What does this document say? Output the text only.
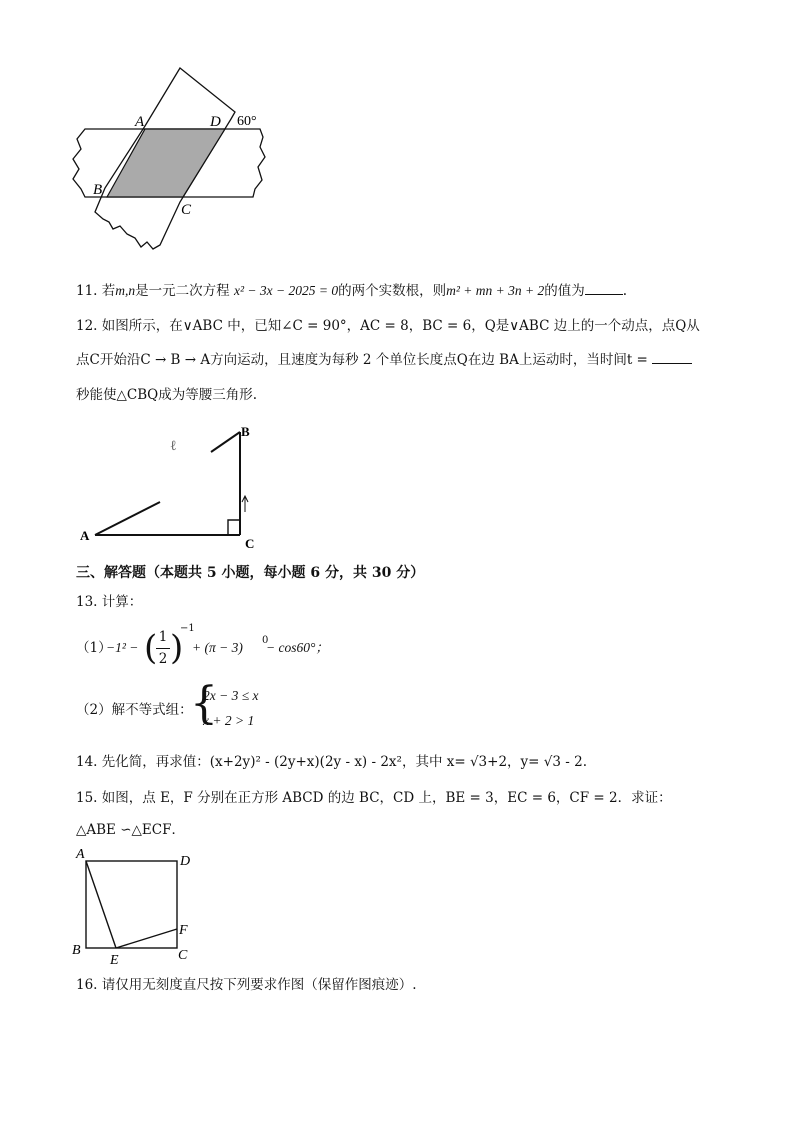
A	D 60°
B
C
11. 若m,n是一元二次方程 x² − 3x − 2025 = 0的两个实数根，则m² + mn + 3n + 2的值为	.
12. 如图所示，在∨ABC 中，已知∠C = 90°，AC = 8，BC = 6，Q是∨ABC 边上的一个动点，点Q从
点C开始沿C → B → A方向运动，且速度为每秒 2 个单位长度点Q在边 BA上运动时，当时间t =
秒能使△CBQ成为等腰三角形.
ℓ
A
B
C
三、解答题（本题共 5 小题，每小题 6 分，共 30 分）
13. 计算：
（1）
−1² − ( 1
2 )
−1
+ (π − 3) 0
− cos60°；
（2）解不等式组：
{
2x − 3 ≤ x
x + 2 > 1
14. 先化简，再求值：(x+2y)² - (2y+x)(2y - x) - 2x²，其中 x= √3+2，y= √3 - 2.
15. 如图，点 E，F 分别在正方形 ABCD 的边 BC，CD 上，BE = 3，EC = 6，CF = 2．求证：
△ABE ∽△ECF．
A	D
B	C
E
F
16. 请仅用无刻度直尺按下列要求作图（保留作图痕迹）.
